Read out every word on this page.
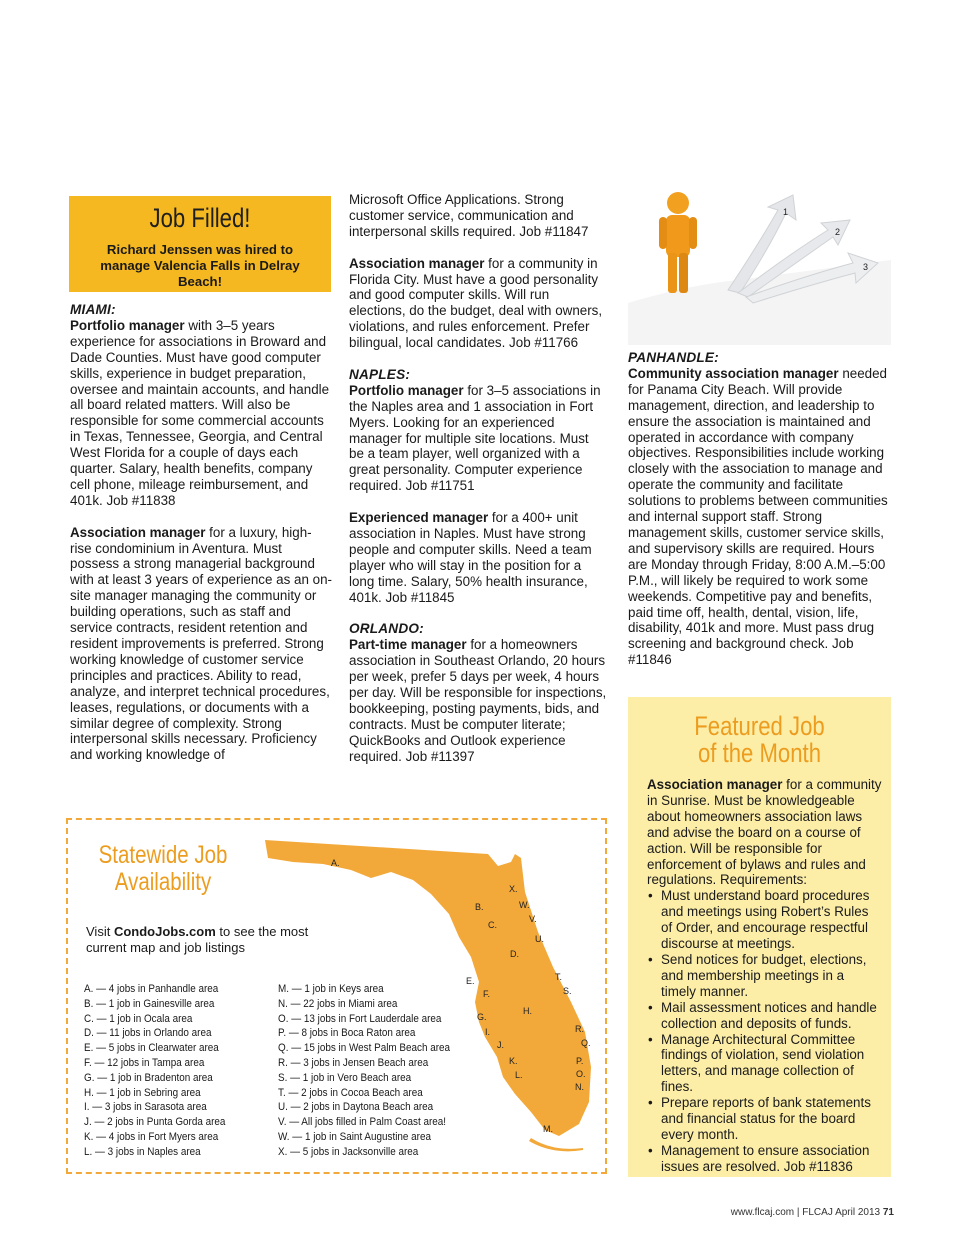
1
2
3
Job Filled!
Richard Jenssen was hired to manage Valencia Falls in Delray Beach!
MIAMI:

Portfolio manager with 3–5 years experience for associations in Broward and Dade Counties. Must have good computer skills, experience in budget preparation, oversee and maintain accounts, and handle all board related matters. Will also be responsible for some commercial accounts in Texas, Tennessee, Georgia, and Central West Florida for a couple of days each quarter. Salary, health benefits, company cell phone, mileage reimbursement, and 401k. Job #11838

Association manager for a luxury, high-rise condominium in Aventura. Must possess a strong managerial background with at least 3 years of experience as an on-site manager managing the community or building operations, such as staff and service contracts, resident retention and resident improvements is preferred. Strong working knowledge of customer service principles and practices. Ability to read, analyze, and interpret technical procedures, leases, regulations, or documents with a similar degree of complexity. Strong interpersonal skills necessary. Proficiency and working knowledge of

Microsoft Office Applications. Strong customer service, communication and interpersonal skills required. Job #11847

Association manager for a community in Florida City. Must have a good personality and good computer skills. Will run elections, do the budget, deal with owners, violations, and rules enforcement. Prefer bilingual, local candidates. Job #11766

NAPLES:

Portfolio manager for 3–5 associations in the Naples area and 1 association in Fort Myers. Looking for an experienced manager for multiple site locations. Must be a team player, well organized with a great personality. Computer experience required. Job #11751

Experienced manager for a 400+ unit association in Naples. Must have strong people and computer skills. Need a team player who will stay in the position for a long time. Salary, 50% health insurance, 401k. Job #11845

ORLANDO:

Part-time manager for a homeowners association in Southeast Orlando, 20 hours per week, prefer 5 days per week, 4 hours per day. Will be responsible for inspections, bookkeeping, posting payments, bids, and contracts. Must be computer literate; QuickBooks and Outlook experience required. Job #11397

PANHANDLE:

Community association manager needed for Panama City Beach. Will provide management, direction, and leadership to ensure the association is maintained and operated in accordance with company objectives. Responsibilities include working closely with the association to manage and operate the community and facilitate solutions to problems between communities and internal support staff. Strong management skills, customer service skills, and supervisory skills are required. Hours are Monday through Friday, 8:00 A.M.–5:00 P.M., will likely be required to work some weekends. Competitive pay and benefits, paid time off, health, dental, vision, life, disability, 401k and more. Must pass drug screening and background check. Job #11846

Featured Job
of the Month
Association manager for a community in Sunrise. Must be knowledgeable about homeowners association laws and advise the board on a course of action. Will be responsible for enforcement of bylaws and rules and regulations. Requirements:
• Must understand board procedures and meetings using Robert’s Rules of Order, and encourage respectful discourse at meetings.
• Send notices for budget, elections, and membership meetings in a timely manner.
• Mail assessment notices and handle collection and deposits of funds.
• Manage Architectural Committee findings of violation, send violation letters, and manage collection of fines.
• Prepare reports of bank statements and financial status for the board every month.
• Management to ensure association issues are resolved. Job #11836
Statewide Job
Availability
Visit CondoJobs.com to see the most current map and job listings
A. — 4 jobs in Panhandle area
B. — 1 job in Gainesville area
C. — 1 job in Ocala area
D. — 11 jobs in Orlando area
E. — 5 jobs in Clearwater area
F. — 12 jobs in Tampa area
G. — 1 job in Bradenton area
H. — 1 job in Sebring area
I. — 3 jobs in Sarasota area
J. — 2 jobs in Punta Gorda area
K. — 4 jobs in Fort Myers area
L. — 3 jobs in Naples area
M. — 1 job in Keys area
N. — 22 jobs in Miami area
O. — 13 jobs in Fort Lauderdale area
P. — 8 jobs in Boca Raton area
Q. — 15 jobs in West Palm Beach area
R. — 3 jobs in Jensen Beach area
S. — 1 job in Vero Beach area
T. — 2 jobs in Cocoa Beach area
U. — 2 jobs in Daytona Beach area
V. — All jobs filled in Palm Coast area!
W. — 1 job in Saint Augustine area
X. — 5 jobs in Jacksonville area
A.
B.
C.
D.
E.
F.
G.
H.
I.
J.
K.
L.
M.
N.
O.
P.
Q.
R.
S.
T.
U.
V.
W.
X.
www.flcaj.com | FLCAJ April 2013 71
